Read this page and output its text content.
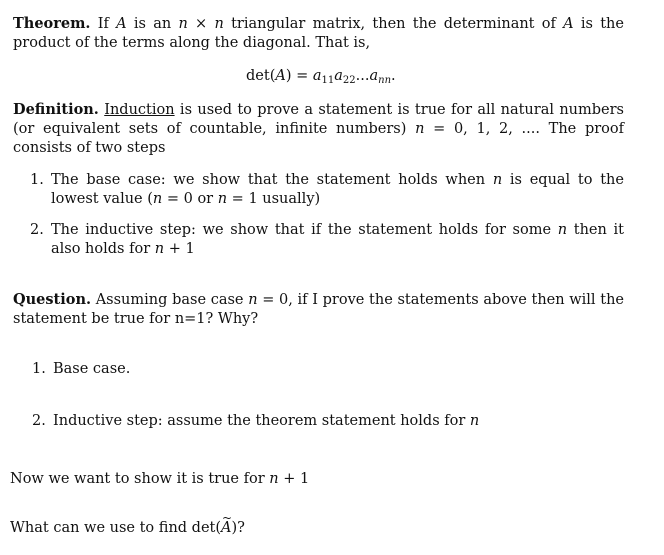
Theorem. If A is an n × n triangular matrix, then the determinant of A is the product of the terms along the diagonal. That is,
$\det(A) = a_{11}a_{22}...a_{nn}$.
Definition. Induction is used to prove a statement is true for all natural numbers (or equivalent sets of countable, infinite numbers) n = 0, 1, 2, .... The proof consists of two steps
1. The base case: we show that the statement holds when n is equal to the lowest value (n = 0 or n = 1 usually)
2. The inductive step: we show that if the statement holds for some n then it also holds for n + 1
Question. Assuming base case n = 0, if I prove the statements above then will the statement be true for n=1? Why?
1. Base case.
2. Inductive step: assume the theorem statement holds for n
Now we want to show it is true for n + 1
What can we use to find det(~ A)?
